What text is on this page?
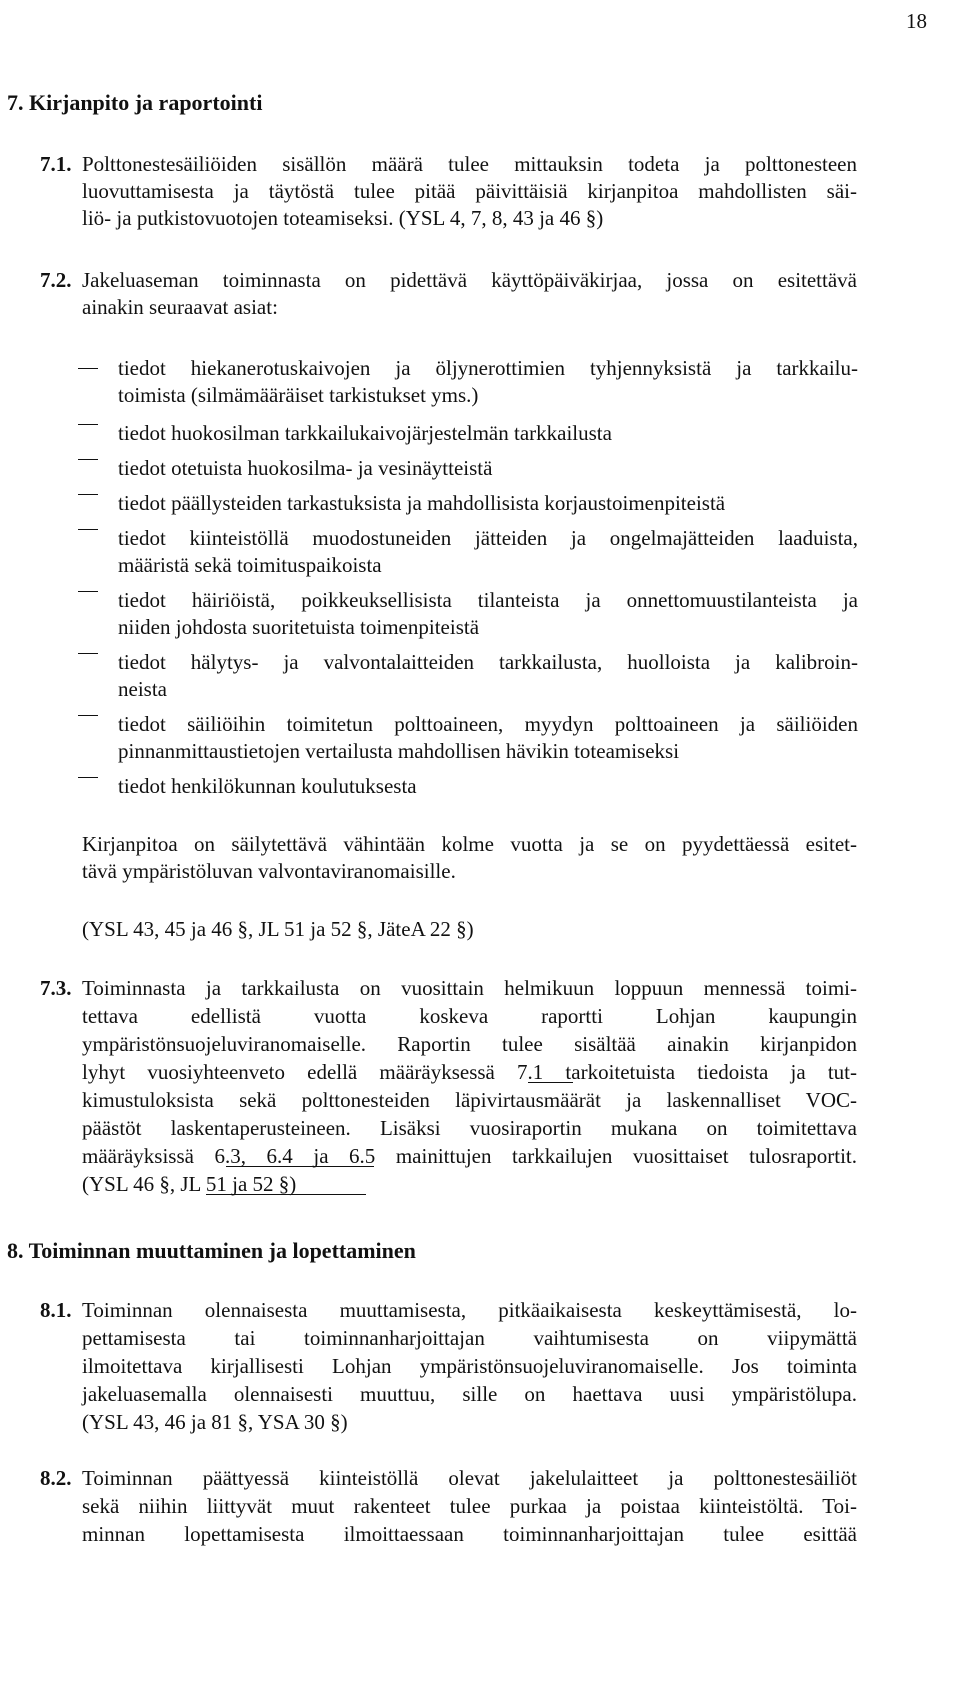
18
7. Kirjanpito ja raportointi
7.1. Polttonestesäiliöiden sisällön määrä tulee mittauksin todeta ja polttonesteen
luovuttamisesta ja täytöstä tulee pitää päivittäisiä kirjanpitoa mahdollisten säi-
liö- ja putkistovuotojen toteamiseksi. (YSL 4, 7, 8, 43 ja 46 §)
7.2. Jakeluaseman toiminnasta on pidettävä käyttöpäiväkirjaa, jossa on esitettävä
ainakin seuraavat asiat:
tiedot hiekanerotuskaivojen ja öljynerottimien tyhjennyksistä ja tarkkailu-
toimista (silmämääräiset tarkistukset yms.)
tiedot huokosilman tarkkailukaivojärjestelmän tarkkailusta
tiedot otetuista huokosilma- ja vesinäytteistä
tiedot päällysteiden tarkastuksista ja mahdollisista korjaustoimenpiteistä
tiedot kiinteistöllä muodostuneiden jätteiden ja ongelmajätteiden laaduista,
määristä sekä toimituspaikoista
tiedot häiriöistä, poikkeuksellisista tilanteista ja onnettomuustilanteista ja
niiden johdosta suoritetuista toimenpiteistä
tiedot hälytys- ja valvontalaitteiden tarkkailusta, huolloista ja kalibroin-
neista
tiedot säiliöihin toimitetun polttoaineen, myydyn polttoaineen ja säiliöiden
pinnanmittaustietojen vertailusta mahdollisen hävikin toteamiseksi
tiedot henkilökunnan koulutuksesta
Kirjanpitoa on säilytettävä vähintään kolme vuotta ja se on pyydettäessä esitet-
tävä ympäristöluvan valvontaviranomaisille.
(YSL 43, 45 ja 46 §, JL 51 ja 52 §, JäteA 22 §)
7.3. Toiminnasta ja tarkkailusta on vuosittain helmikuun loppuun mennessä toimi-
tettava edellistä vuotta koskeva raportti Lohjan kaupungin
ympäristönsuojeluviranomaiselle. Raportin tulee sisältää ainakin kirjanpidon
lyhyt vuosiyhteenveto edellä määräyksessä 7.1 tarkoitetuista tiedoista ja tut-
kimustuloksista sekä polttonesteiden läpivirtausmäärät ja laskennalliset VOC-
päästöt laskentaperusteineen. Lisäksi vuosiraportin mukana on toimitettava
määräyksissä 6.3, 6.4 ja 6.5 mainittujen tarkkailujen vuosittaiset tulosraportit.
(YSL 46 §, JL 51 ja 52 §)
8. Toiminnan muuttaminen ja lopettaminen
8.1. Toiminnan olennaisesta muuttamisesta, pitkäaikaisesta keskeyttämisestä, lo-
pettamisesta tai toiminnanharjoittajan vaihtumisesta on viipymättä
ilmoitettava kirjallisesti Lohjan ympäristönsuojeluviranomaiselle. Jos toiminta
jakeluasemalla olennaisesti muuttuu, sille on haettava uusi ympäristölupa.
(YSL 43, 46 ja 81 §, YSA 30 §)
8.2. Toiminnan päättyessä kiinteistöllä olevat jakelulaitteet ja polttonestesäiliöt
sekä niihin liittyvät muut rakenteet tulee purkaa ja poistaa kiinteistöltä. Toi-
minnan lopettamisesta ilmoittaessaan toiminnanharjoittajan tulee esittää
